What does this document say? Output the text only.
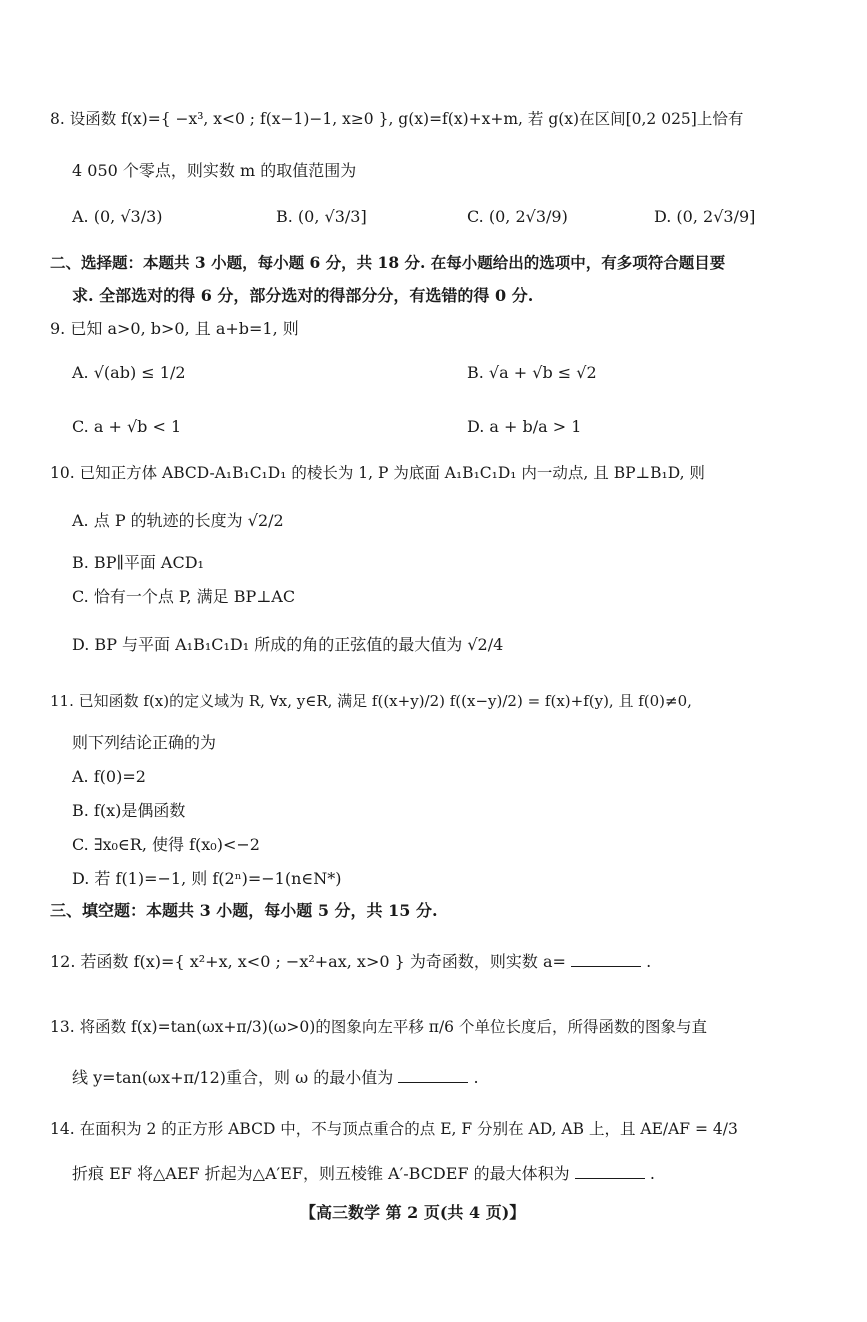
8. 设函数 f(x)={ −x³, x<0 ; f(x−1)−1, x≥0 }, g(x)=f(x)+x+m, 若 g(x)在区间[0,2 025]上恰有
4 050 个零点，则实数 m 的取值范围为
A. (0, √3/3)	B. (0, √3/3]	C. (0, 2√3/9)	D. (0, 2√3/9]
二、选择题：本题共 3 小题，每小题 6 分，共 18 分. 在每小题给出的选项中，有多项符合题目要
求. 全部选对的得 6 分，部分选对的得部分分，有选错的得 0 分.
9. 已知 a>0, b>0, 且 a+b=1, 则
A. √(ab) ≤ 1/2	B. √a + √b ≤ √2
C. a + √b < 1	D. a + b/a > 1
10. 已知正方体 ABCD-A₁B₁C₁D₁ 的棱长为 1, P 为底面 A₁B₁C₁D₁ 内一动点, 且 BP⊥B₁D, 则
A. 点 P 的轨迹的长度为 √2/2
B. BP∥平面 ACD₁
C. 恰有一个点 P, 满足 BP⊥AC
D. BP 与平面 A₁B₁C₁D₁ 所成的角的正弦值的最大值为 √2/4
11. 已知函数 f(x)的定义域为 R, ∀x, y∈R, 满足 f((x+y)/2) f((x−y)/2) = f(x)+f(y), 且 f(0)≠0,
则下列结论正确的为
A. f(0)=2
B. f(x)是偶函数
C. ∃x₀∈R, 使得 f(x₀)<−2
D. 若 f(1)=−1, 则 f(2ⁿ)=−1(n∈N*)
三、填空题：本题共 3 小题，每小题 5 分，共 15 分.
12. 若函数 f(x)={ x²+x, x<0 ; −x²+ax, x>0 } 为奇函数，则实数 a=	.
13. 将函数 f(x)=tan(ωx+π/3)(ω>0)的图象向左平移 π/6 个单位长度后，所得函数的图象与直
线 y=tan(ωx+π/12)重合，则 ω 的最小值为	.
14. 在面积为 2 的正方形 ABCD 中，不与顶点重合的点 E, F 分别在 AD, AB 上，且 AE/AF = 4/3
折痕 EF 将△AEF 折起为△A′EF，则五棱锥 A′-BCDEF 的最大体积为	.
【高三数学 第 2 页(共 4 页)】
